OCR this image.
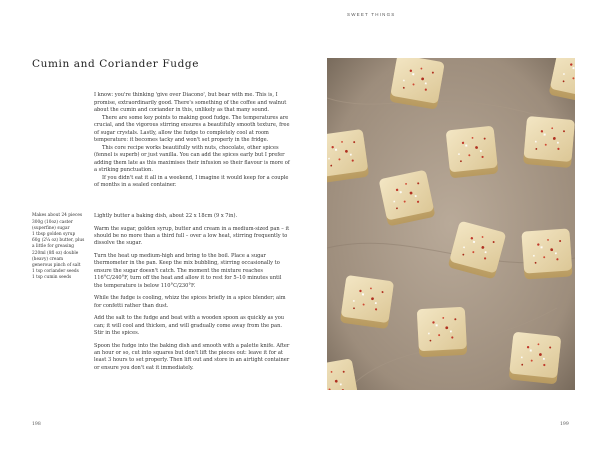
SWEET THINGS
Cumin and Coriander Fudge

I know: you're thinking 'give over Diacono', but bear with me. This is, I promise, extraordinarily good. There's something of the coffee and walnut about the cumin and coriander in this, unlikely as that many sound.

There are some key points to making good fudge. The temperatures are crucial, and the vigorous stirring ensures a beautifully smooth texture, free of sugar crystals. Lastly, allow the fudge to completely cool at room temperature: it becomes tacky and won't set properly in the fridge.

This core recipe works beautifully with nuts, chocolate, other spices (fennel is superb) or just vanilla. You can add the spices early but I prefer adding them late as this maximises their infusion so their flavour is more of a striking punctuation.

If you didn't eat it all in a weekend, I imagine it would keep for a couple of months in a sealed container.

Makes about 24 pieces
300g (10oz) caster (superfine) sugar
1 tbsp golden syrup
60g (2¼ oz) butter, plus a little for greasing
220ml (8fl oz) double (heavy) cream
generous pinch of salt
1 tsp coriander seeds
1 tsp cumin seeds

Lightly butter a baking dish, about 22 x 18cm (9 x 7in).

Warm the sugar, golden syrup, butter and cream in a medium-sized pan – it should be no more than a third full – over a low heat, stirring frequently to dissolve the sugar.

Turn the heat up medium-high and bring to the boil. Place a sugar thermometer in the pan. Keep the mix bubbling, stirring occasionally to ensure the sugar doesn't catch. The moment the mixture reaches 116°C/240°F, turn off the heat and allow it to rest for 5–10 minutes until the temperature is below 110°C/230°F.

While the fudge is cooling, whizz the spices briefly in a spice blender; aim for confetti rather than dust.

Add the salt to the fudge and beat with a wooden spoon as quickly as you can; it will cool and thicken, and will gradually come away from the pan. Stir in the spices.

Spoon the fudge into the baking dish and smooth with a palette knife. After an hour or so, cut into squares but don't lift the pieces out: leave it for at least 3 hours to set properly. Then lift out and store in an airtight container or ensure you don't eat it immediately.

198	199
